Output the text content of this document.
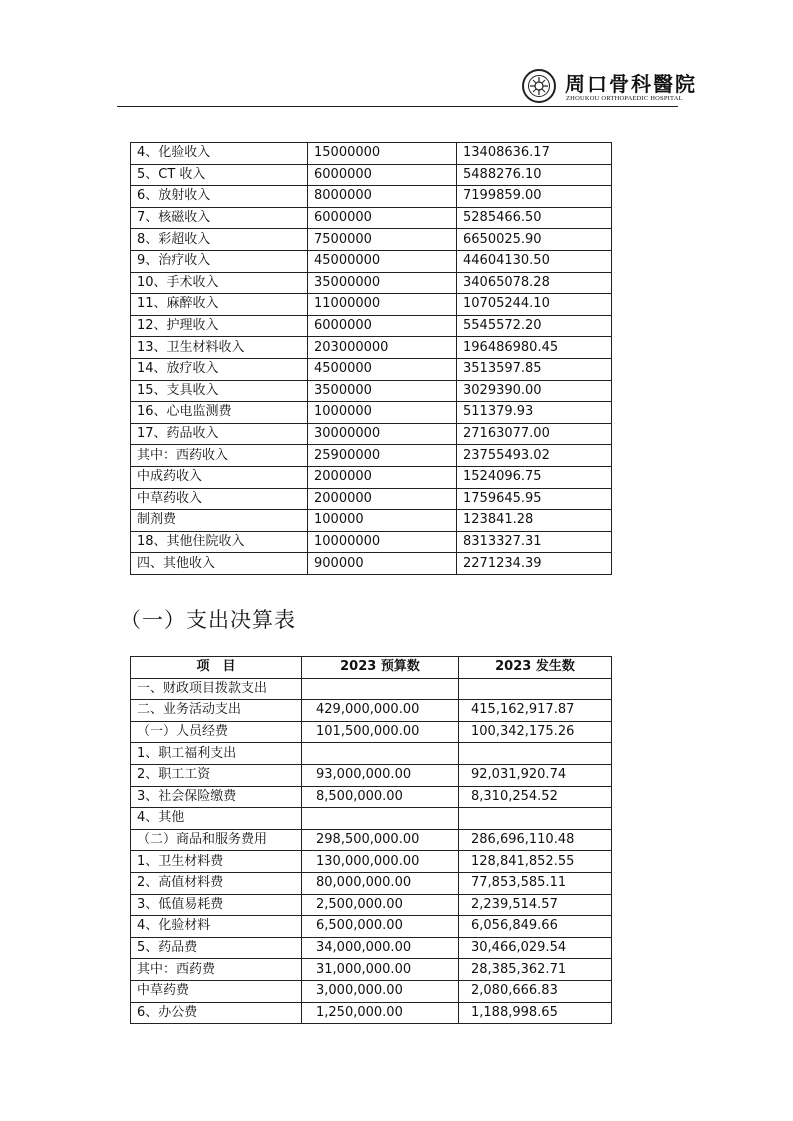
周口骨科醫院
ZHOUKOU ORTHOPAEDIC HOSPITAL
4、化验收入	15000000	13408636.17
5、CT 收入	6000000	5488276.10
6、放射收入	8000000	7199859.00
7、核磁收入	6000000	5285466.50
8、彩超收入	7500000	6650025.90
9、治疗收入	45000000	44604130.50
10、手术收入	35000000	34065078.28
11、麻醉收入	11000000	10705244.10
12、护理收入	6000000	5545572.20
13、卫生材料收入	203000000	196486980.45
14、放疗收入	4500000	3513597.85
15、支具收入	3500000	3029390.00
16、心电监测费	1000000	511379.93
17、药品收入	30000000	27163077.00
其中：西药收入	25900000	23755493.02
中成药收入	2000000	1524096.75
中草药收入	2000000	1759645.95
制剂费	100000	123841.28
18、其他住院收入	10000000	8313327.31
四、其他收入	900000	2271234.39
（一）支出决算表
项　目	2023 预算数	2023 发生数
一、财政项目拨款支出		
二、业务活动支出	429,000,000.00	415,162,917.87
（一）人员经费	101,500,000.00	100,342,175.26
1、职工福利支出		
2、职工工资	93,000,000.00	92,031,920.74
3、社会保险缴费	8,500,000.00	8,310,254.52
4、其他		
（二）商品和服务费用	298,500,000.00	286,696,110.48
1、卫生材料费	130,000,000.00	128,841,852.55
2、高值材料费	80,000,000.00	77,853,585.11
3、低值易耗费	2,500,000.00	2,239,514.57
4、化验材料	6,500,000.00	6,056,849.66
5、药品费	34,000,000.00	30,466,029.54
其中：西药费	31,000,000.00	28,385,362.71
中草药费	3,000,000.00	2,080,666.83
6、办公费	1,250,000.00	1,188,998.65
